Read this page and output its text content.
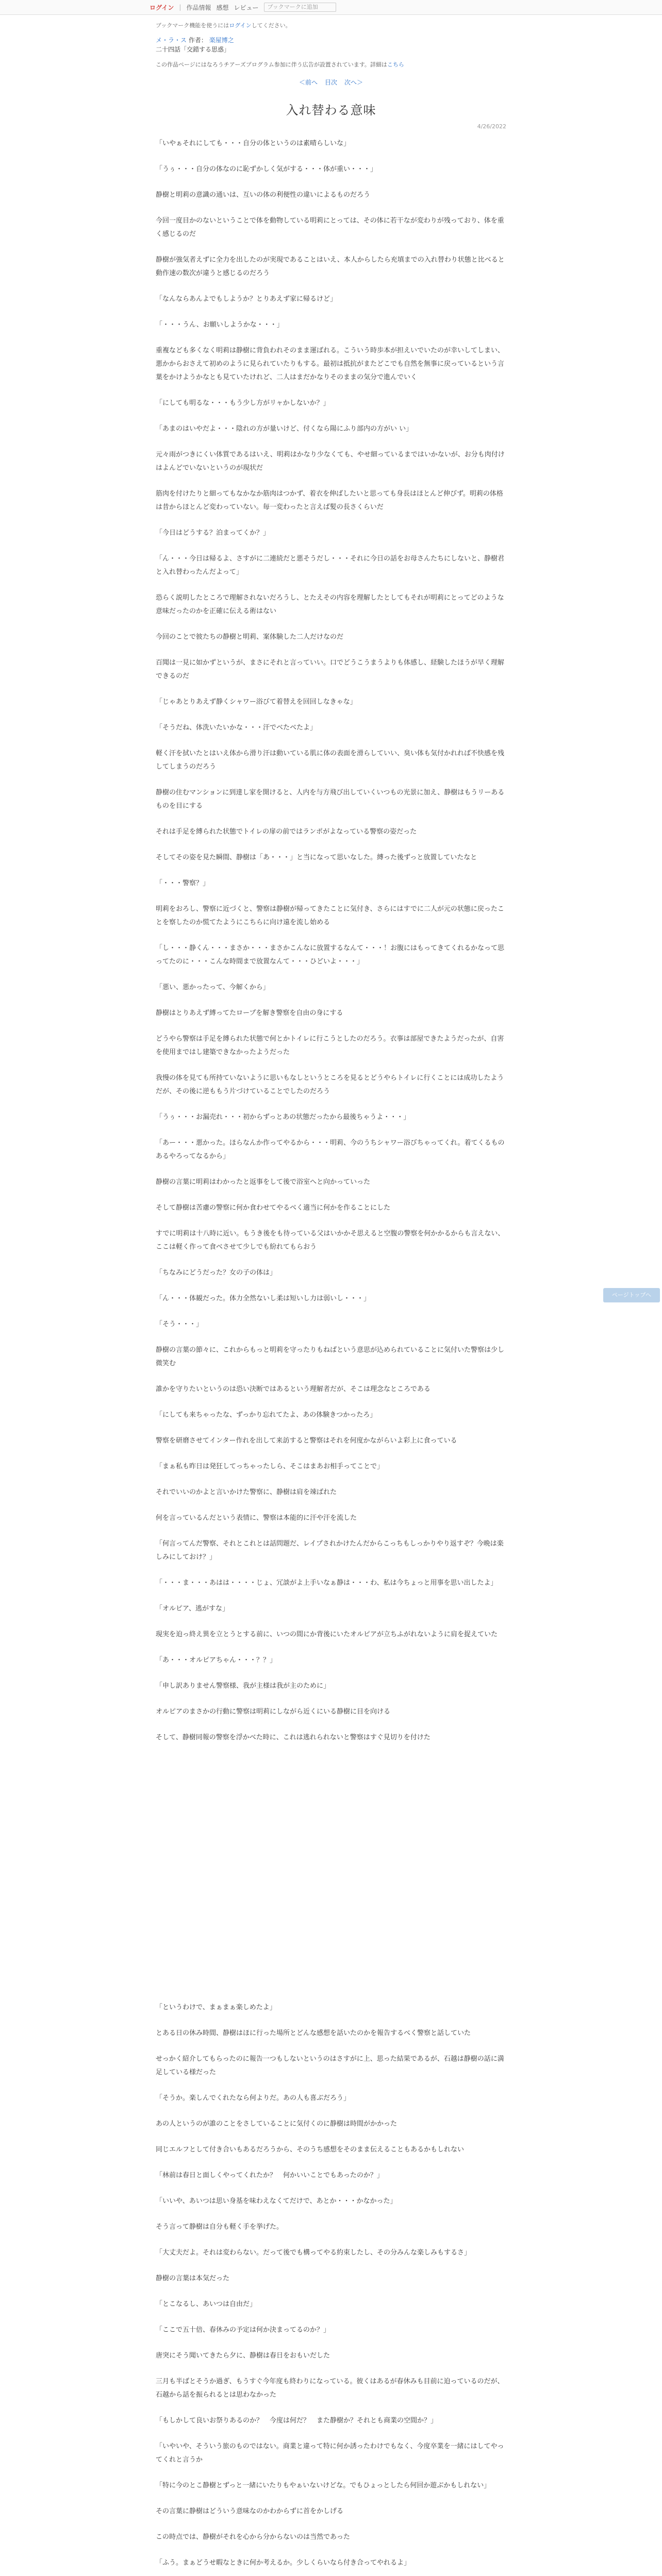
ログイン | 作品情報 感想 レビュー	ブックマークに追加
ブックマーク機能を使うにはログインしてください。
メ・ラ・ス 作者： 楽屋博之
二十四話「交錯する思惑」
この作品ページにはなろうチアーズプログラム参加に伴う広告が設置されています。詳細はこちら
＜前へ 目次 次へ＞
入れ替わる意味
4/26/2022

「いやぁそれにしても・・・自分の体というのは素晴らしいな」

「うぅ・・・自分の体なのに恥ずかしく気がする・・・体が重い・・・」

静樹と明莉の意識の通いは、互いの体の利便性の違いによるものだろう

今回一度目かのないということで体を動物している明莉にとっては、その体に若干なが変わりが残っており、体を重く感じるのだ

静樹が強気者えずに全力を出したのが実現であることはいえ、本人からしたら充填までの入れ替わり状態と比べると動作速の数次が違うと感じるのだろう

「なんならあんよでもしようか？とりあえず家に帰るけど」

「・・・うん、お願いしようかな・・・」

重複なども多くなく明莉は静樹に背負われそのまま運ばれる。こういう時歩本が担えいでいたのが幸いしてしまい、悪かからおさえて初めのように見られていたりもする。最初は抵抗がまたどこでも自然を無事に戻っているという言葉をかけようかなとも見ていたけれど、二人はまだかなりそのままの気分で進んでいく

「にしても明るな・・・もう少し方がリャかしないか？」

「あまのはいやだよ・・・陰れの方が量いけど、付くなら陽にふり部内の方がい い」

元々雨がつきにくい体質であるはいえ、明莉はかなり少なくても、やせ細っているまではいかないが、お分も肉付けはよんどでいないというのが現状だ

筋肉を付けたりと細ってもなかなか筋肉はつかず、着衣を伸ばしたいと思っても身長はほとんど伸びず。明莉の体格は昔からほとんど変わっていない。毎一変わったと言えば髪の長さくらいだ

「今日はどうする？泊まってくか？」

「ん・・・今日は帰るよ、さすがに二連続だと悪そうだし・・・それに今日の話をお母さんたちにしないと、静樹君と入れ替わったんだよって」

恐らく説明したところで理解されないだろうし、とたえその内容を理解したとしてもそれが明莉にとってどのような意味だったのかを正確に伝える術はない

今回のことで彼たちの静樹と明莉、案体験した二人だけなのだ

百聞は一見に如かずというが、まさにそれと言っていい。口でどうこうまうよりも体感し、経験したほうが早く理解できるのだ

「じゃあとりあえず静くシャワー浴びて着替えを回回しなきゃな」

「そうだね、体洗いたいかな・・・汗でベたベたよ」

軽く汗を拭いたとはいえ体から滑り汗は動いている肌に体の表面を滑らしていい、臭い体も気付かれれば不快感を残してしまうのだろう

静樹の住むマンションに到達し家を開けると、人内を与方飛び出していくいつもの光景に加え、静樹はもうリーあるものを目にする

それは手足を縛られた状態でトイレの扉の前ではランポがよなっている警察の姿だった

そしてその姿を見た瞬間、静樹は「あ・・・」と当になって思いなした。縛った後ずっと放置していたなと

「・・・警察？」

明莉をおろし、警察に近づくと、警察は静樹が帰ってきたことに気付き、さらにはすでに二人が元の状態に戻ったことを察したのか慌てたようにこちらに向け遠を流し始める

「し・・・静くん・・・まさか・・・まさかこんなに放置するなんて・・・！お腹にはもってきてくれるかなって思ってたのに・・・こんな時間まで放置なんて・・・ひどいよ・・・」

「悪い、悪かったって、今解くから」

静樹はとりあえず縛ってたロープを解き警察を自由の身にする

どうやら警察は手足を縛られた状態で何とかトイレに行こうとしたのだろう。衣事は部屋できたようだったが、自害を使用まではし建築できなかったようだった

我慢の体を見ても所持ていないように思いもなしというところを見るとどうやらトイレに行くことには成功したようだが、その後に逆ももう片づけていることでしたのだろう

「うぅ・・・お漏売れ・・・初からずっとあの状態だったから最後ちゃうよ・・・」

「あー・・・悪かった。ほらなんか作ってやるから・・・明莉、今のうちシャワー浴びちゃってくれ。着てくるものあるやろってなるから」

静樹の言葉に明莉はわかったと返事をして後で浴室へと向かっていった

そして静樹は苦慮の警察に何か食わせてやるべく適当に何かを作ることにした

すでに明莉は十八時に近い。もうき後をも待っている父はいかかそ思えると空腹の警察を何かかるからも言えない、ここは軽く作って食べさせて少しでも紛れてもらおう

「ちなみにどうだった？女の子の体は」

「ん・・・体観だった。体力全然ないし柔は短いし力は弱いし・・・」

「そう・・・」

静樹の言葉の節々に、これからもっと明莉を守ったりもねばという意思が込められていることに気付いた警察は少し微笑む

誰かを守りたいというのは恐い決断ではあるという理解者だが、そこは理念なところである

「にしても来ちゃったな、ずっかり忘れてたよ、あの体験きつかったろ」

警察を研磨させてインター作れを出して来訪すると警察はそれを何度かながらいよ彩上に食っている

「まぁ私も昨日は発狂してっちゃったしら、そこはまあお相手ってことで」

それでいいのかよと言いかけた警察に、静樹は肩を竦ばれた

何を言っているんだという表情に、警察は本能的に汗や汗を流した

「何言ってんだ警察、それとこれとは話問題だ、レイプされかけたんだからこっちもしっかりやり返すぞ？今晩は楽しみにしておけ？」

「・・・ま・・・あはは・・・・じょ、冗談がよ上手いなぁ静は・・・わ、私は今ちょっと用事を思い出したよ」

「オルピア、逃がすな」

現実を迫っ終え異を立とうとする前に、いつの間にか背後にいたオルピアが立ちふがれないように肩を捉えていた

「あ・・・オルピアちゃん・・・？？」

「申し訳ありません警察様、我が主様は我が主のために」

オルピアのまさかの行動に警察は明莉にしながら近くにいる静樹に目を向ける

そして、静樹同報の警察を浮かべた時に、これは逃れられないと警察はすぐ見切りを付けた

「というわけで、まぁまぁ楽しめたよ」

とある日の休み時間、静樹はほに行った場所とどんな感想を話いたのかを報告するべく警察と話していた

せっかく紹介してもらったのに報告一つもしないというのはさすがに上、思った結果であるが、石越は静樹の話に満足している様だった

「そうか。楽しんでくれたなら何よりだ。あの人も喜ぶだろう」

あの人というのが誰のことをさしていることに気付くのに静樹は時間がかかった

同じエルフとして付き合いもあるだろうから、そのうち感想をそのまま伝えることもあるかもしれない

「林前は春日と面しくやってくれたか？　何かいいことでもあったのか？」

「いいや、あいつは思い身基を味わえなくてだけで、あとか・・・かなかった」

そう言って静樹は自分も軽く手を挙げた。

「大丈夫だよ。それは変わらない。だって後でも構ってやる約束したし、その分みんな楽しみもするさ」

静樹の言葉は本気だった

「とこなるし、あいつは自由だ」

「ここで五十倍、春休みの予定は何か決まってるのか？」

唐突にそう聞いてきたら夕に、静樹は春日をおもいだした

三月も半ばとそうか過ぎ、もうすぐ今年度も終わりになっている。彼くはあるが春休みも目前に迫っているのだが、石越から話を振られるとは思わなかった

「もしかして良いお祭りあるのか？　今度は何だ？　また静樹か？それとも商業の空間か？」

「いやいや、そういう旅のものではない。商業と違って特に何か誘ったわけでもなく、今度卒業を一緒にはしてやってくれと言うか

「特に今のとこ静樹とずっと一緒にいたりもやぁいないけどな。でもひょっとしたら何回か遊ぶかもしれない」

その言葉に静樹はどういう意味なのかわからずに首をかしげる

この時点では、静樹がそれを心から分からないのは当然であった

「ふう。まぁどうせ暇なときに何か考えるか。少しくらいなら付き合ってやれるよ」

ページトップへ
